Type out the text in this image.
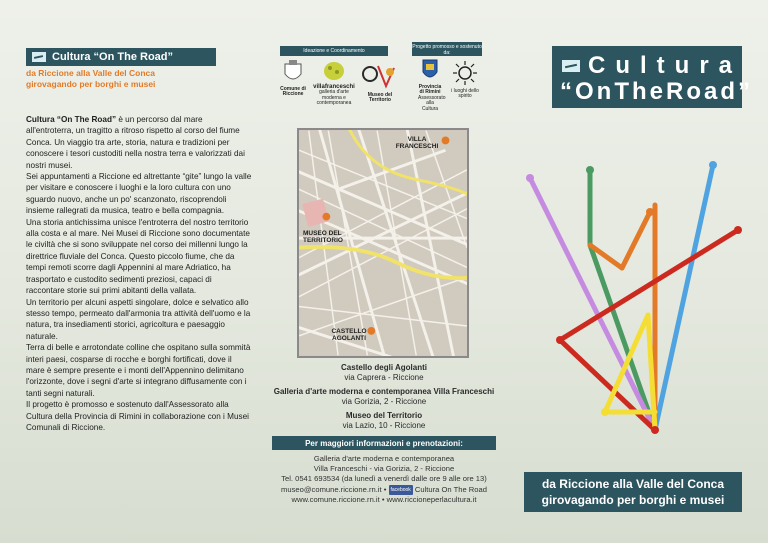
Cultura “On The Road”
da Riccione alla Valle del Conca
girovagando per borghi e musei
Cultura “On The Road” è un percorso dal mare all'entroterra, un tragitto a ritroso rispetto al corso del fiume Conca. Un viaggio tra arte, storia, natura e tradizioni per conoscere i tesori custoditi nella nostra terra e valorizzati dai nostri musei.
Sei appuntamenti a Riccione ed altrettante “gite” lungo la valle per visitare e conoscere i luoghi e la loro cultura con uno sguardo nuovo, anche un po' scanzonato, riscoprendoli insieme rallegrati da musica, teatro e bella compagnia.
Una storia antichissima unisce l'entroterra del nostro territorio alla costa e al mare. Nei Musei di Riccione sono documentate le civiltà che si sono sviluppate nel corso dei millenni lungo la direttrice fluviale del Conca. Questo piccolo fiume, che da tempi remoti scorre dagli Appennini al mare Adriatico, ha trasportato e custodito sedimenti preziosi, capaci di raccontare storie sui primi abitanti della vallata.
Un territorio per alcuni aspetti singolare, dolce e selvatico allo stesso tempo, permeato dall'armonia tra attività dell'uomo e la natura, tra insediamenti storici, agricoltura e paesaggio naturale.
Terra di belle e arrotondate colline che ospitano sulla sommità interi paesi, cosparse di rocche e borghi fortificati, dove il mare è sempre presente e i monti dell'Appennino delimitano l'orizzonte, dove i segni d'arte si integrano diffusamente con i tanti segni naturali.
Il progetto è promosso e sostenuto dall'Assessorato alla Cultura della Provincia di Rimini in collaborazione con i Musei Comunali di Riccione.
Ideazione e Coordinamento
Progetto promosso e sostenuto da:
Comune di Riccione
villafranceschi
galleria d'arte moderna e contemporanea
Museo del Territorio
Provincia di Rimini
Assessorato alla Cultura
i luoghi dello spirito
VILLA FRANCESCHI
MUSEO DEL TERRITORIO
CASTELLO AGOLANTI
Castello degli Agolanti
via Caprera - Riccione
Galleria d'arte moderna e contemporanea Villa Franceschi
via Gorizia, 2 - Riccione
Museo del Territorio
via Lazio, 10 - Riccione
Per maggiori informazioni e prenotazioni:
Galleria d'arte moderna e contemporanea
Villa Franceschi - via Gorizia, 2 - Riccione
Tel. 0541 693534 (da lunedì a venerdì dalle ore 9 alle ore 13)
museo@comune.riccione.rn.it • facebook Cultura On The Road
www.comune.riccione.rn.it • www.riccioneperlacultura.it
Cultura
“OnTheRoad”
da Riccione alla Valle del Conca
girovagando per borghi e musei
